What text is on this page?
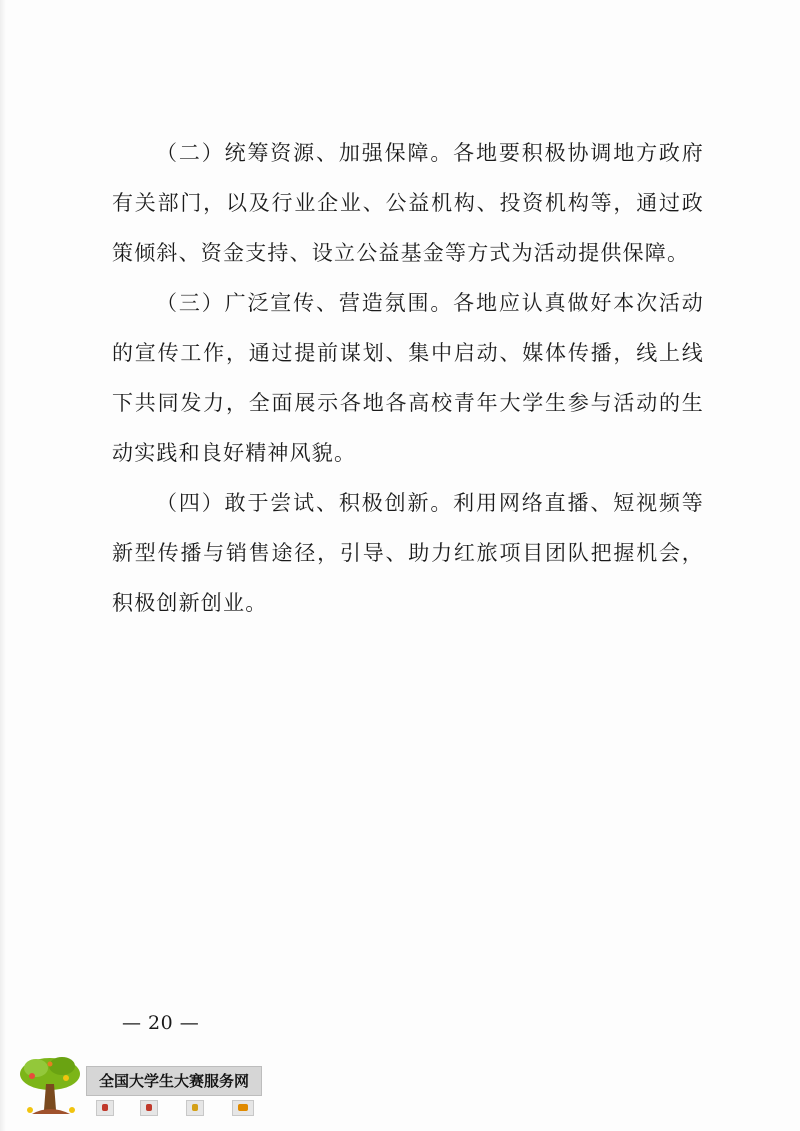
（二）统筹资源、加强保障。各地要积极协调地方政府有关部门，以及行业企业、公益机构、投资机构等，通过政策倾斜、资金支持、设立公益基金等方式为活动提供保障。

（三）广泛宣传、营造氛围。各地应认真做好本次活动的宣传工作，通过提前谋划、集中启动、媒体传播，线上线下共同发力，全面展示各地各高校青年大学生参与活动的生动实践和良好精神风貌。

（四）敢于尝试、积极创新。利用网络直播、短视频等新型传播与销售途径，引导、助力红旅项目团队把握机会，积极创新创业。

— 20 —
全国大学生大赛服务网
